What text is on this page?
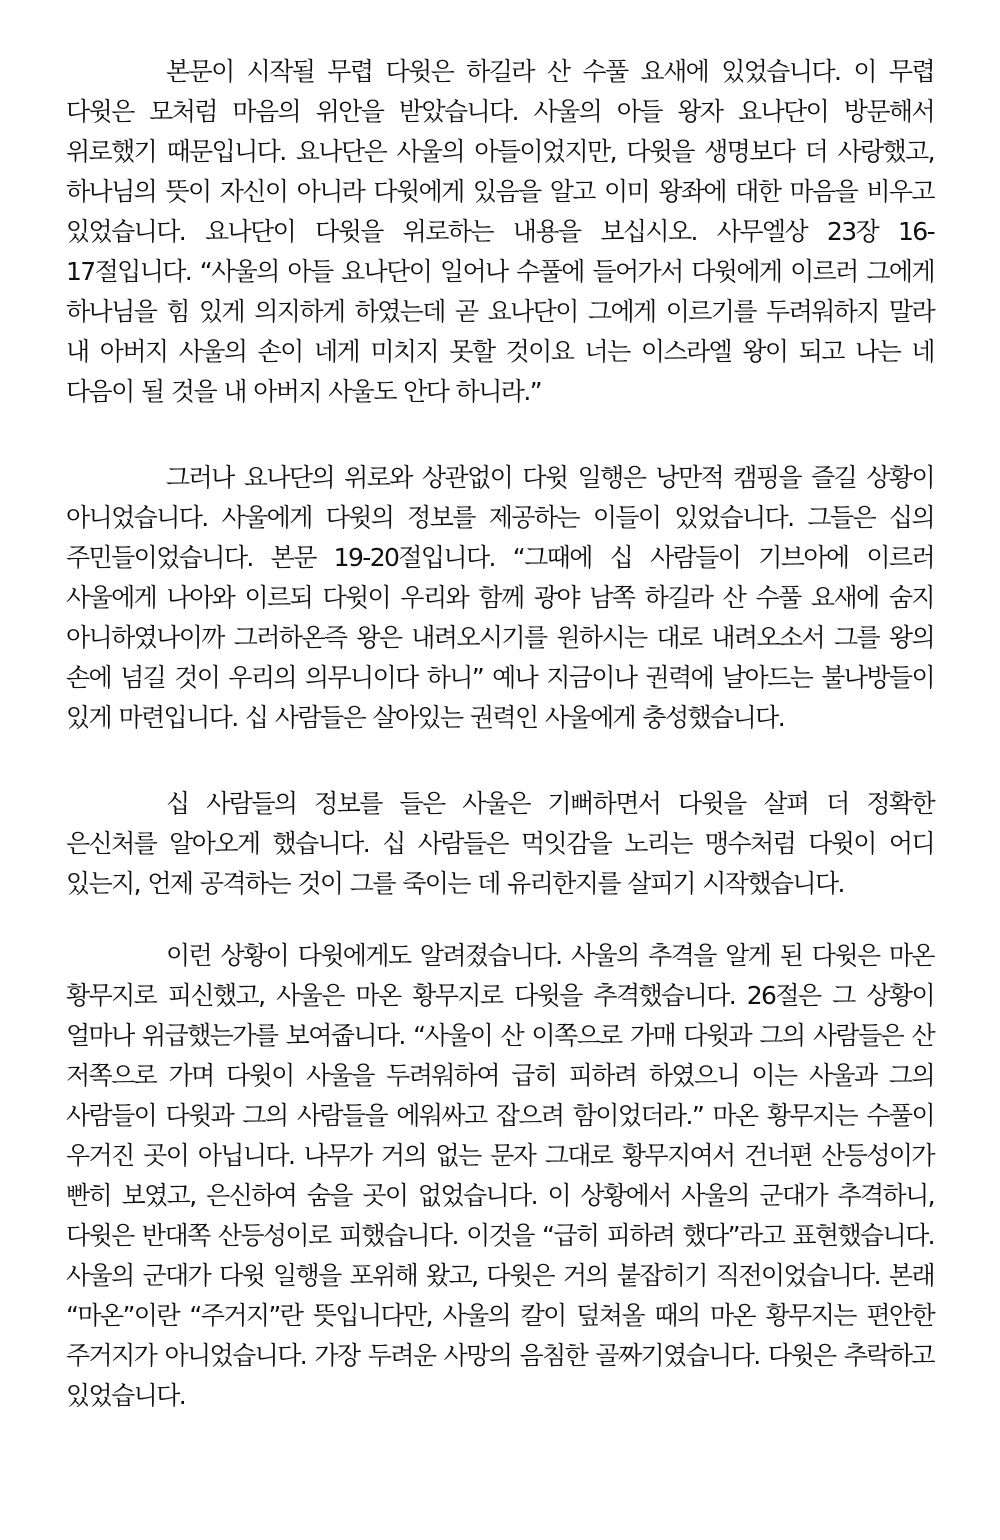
본문이 시작될 무렵 다윗은 하길라 산 수풀 요새에 있었습니다. 이 무렵 다윗은 모처럼 마음의 위안을 받았습니다. 사울의 아들 왕자 요나단이 방문해서 위로했기 때문입니다. 요나단은 사울의 아들이었지만, 다윗을 생명보다 더 사랑했고, 하나님의 뜻이 자신이 아니라 다윗에게 있음을 알고 이미 왕좌에 대한 마음을 비우고 있었습니다. 요나단이 다윗을 위로하는 내용을 보십시오. 사무엘상 23장 16-17절입니다. “사울의 아들 요나단이 일어나 수풀에 들어가서 다윗에게 이르러 그에게 하나님을 힘 있게 의지하게 하였는데 곧 요나단이 그에게 이르기를 두려워하지 말라 내 아버지 사울의 손이 네게 미치지 못할 것이요 너는 이스라엘 왕이 되고 나는 네 다음이 될 것을 내 아버지 사울도 안다 하니라.”

그러나 요나단의 위로와 상관없이 다윗 일행은 낭만적 캠핑을 즐길 상황이 아니었습니다. 사울에게 다윗의 정보를 제공하는 이들이 있었습니다. 그들은 십의 주민들이었습니다. 본문 19-20절입니다. “그때에 십 사람들이 기브아에 이르러 사울에게 나아와 이르되 다윗이 우리와 함께 광야 남쪽 하길라 산 수풀 요새에 숨지 아니하였나이까 그러하온즉 왕은 내려오시기를 원하시는 대로 내려오소서 그를 왕의 손에 넘길 것이 우리의 의무니이다 하니” 예나 지금이나 권력에 날아드는 불나방들이 있게 마련입니다. 십 사람들은 살아있는 권력인 사울에게 충성했습니다.

십 사람들의 정보를 들은 사울은 기뻐하면서 다윗을 살펴 더 정확한 은신처를 알아오게 했습니다. 십 사람들은 먹잇감을 노리는 맹수처럼 다윗이 어디 있는지, 언제 공격하는 것이 그를 죽이는 데 유리한지를 살피기 시작했습니다.

이런 상황이 다윗에게도 알려졌습니다. 사울의 추격을 알게 된 다윗은 마온 황무지로 피신했고, 사울은 마온 황무지로 다윗을 추격했습니다. 26절은 그 상황이 얼마나 위급했는가를 보여줍니다. “사울이 산 이쪽으로 가매 다윗과 그의 사람들은 산 저쪽으로 가며 다윗이 사울을 두려워하여 급히 피하려 하였으니 이는 사울과 그의 사람들이 다윗과 그의 사람들을 에워싸고 잡으려 함이었더라.” 마온 황무지는 수풀이 우거진 곳이 아닙니다. 나무가 거의 없는 문자 그대로 황무지여서 건너편 산등성이가 빤히 보였고, 은신하여 숨을 곳이 없었습니다. 이 상황에서 사울의 군대가 추격하니, 다윗은 반대쪽 산등성이로 피했습니다. 이것을 “급히 피하려 했다”라고 표현했습니다. 사울의 군대가 다윗 일행을 포위해 왔고, 다윗은 거의 붙잡히기 직전이었습니다. 본래 “마온”이란 “주거지”란 뜻입니다만, 사울의 칼이 덮쳐올 때의 마온 황무지는 편안한 주거지가 아니었습니다. 가장 두려운 사망의 음침한 골짜기였습니다. 다윗은 추락하고 있었습니다.
